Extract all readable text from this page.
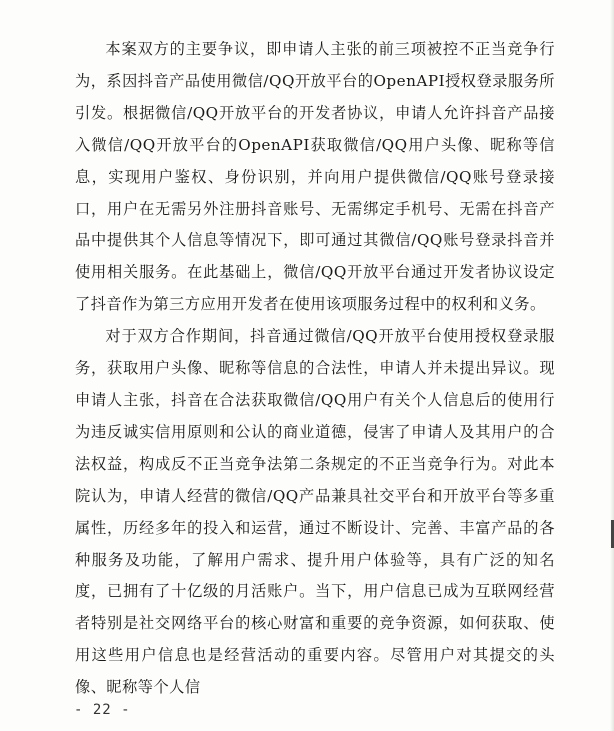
本案双方的主要争议，即申请人主张的前三项被控不正当竞争行为，系因抖音产品使用微信/QQ开放平台的OpenAPI授权登录服务所引发。根据微信/QQ开放平台的开发者协议，申请人允许抖音产品接入微信/QQ开放平台的OpenAPI获取微信/QQ用户头像、昵称等信息，实现用户鉴权、身份识别，并向用户提供微信/QQ账号登录接口，用户在无需另外注册抖音账号、无需绑定手机号、无需在抖音产品中提供其个人信息等情况下，即可通过其微信/QQ账号登录抖音并使用相关服务。在此基础上，微信/QQ开放平台通过开发者协议设定了抖音作为第三方应用开发者在使用该项服务过程中的权利和义务。

对于双方合作期间，抖音通过微信/QQ开放平台使用授权登录服务，获取用户头像、昵称等信息的合法性，申请人并未提出异议。现申请人主张，抖音在合法获取微信/QQ用户有关个人信息后的使用行为违反诚实信用原则和公认的商业道德，侵害了申请人及其用户的合法权益，构成反不正当竞争法第二条规定的不正当竞争行为。对此本院认为，申请人经营的微信/QQ产品兼具社交平台和开放平台等多重属性，历经多年的投入和运营，通过不断设计、完善、丰富产品的各种服务及功能，了解用户需求、提升用户体验等，具有广泛的知名度，已拥有了十亿级的月活账户。当下，用户信息已成为互联网经营者特别是社交网络平台的核心财富和重要的竞争资源，如何获取、使用这些用户信息也是经营活动的重要内容。尽管用户对其提交的头像、昵称等个人信

- 22 -
